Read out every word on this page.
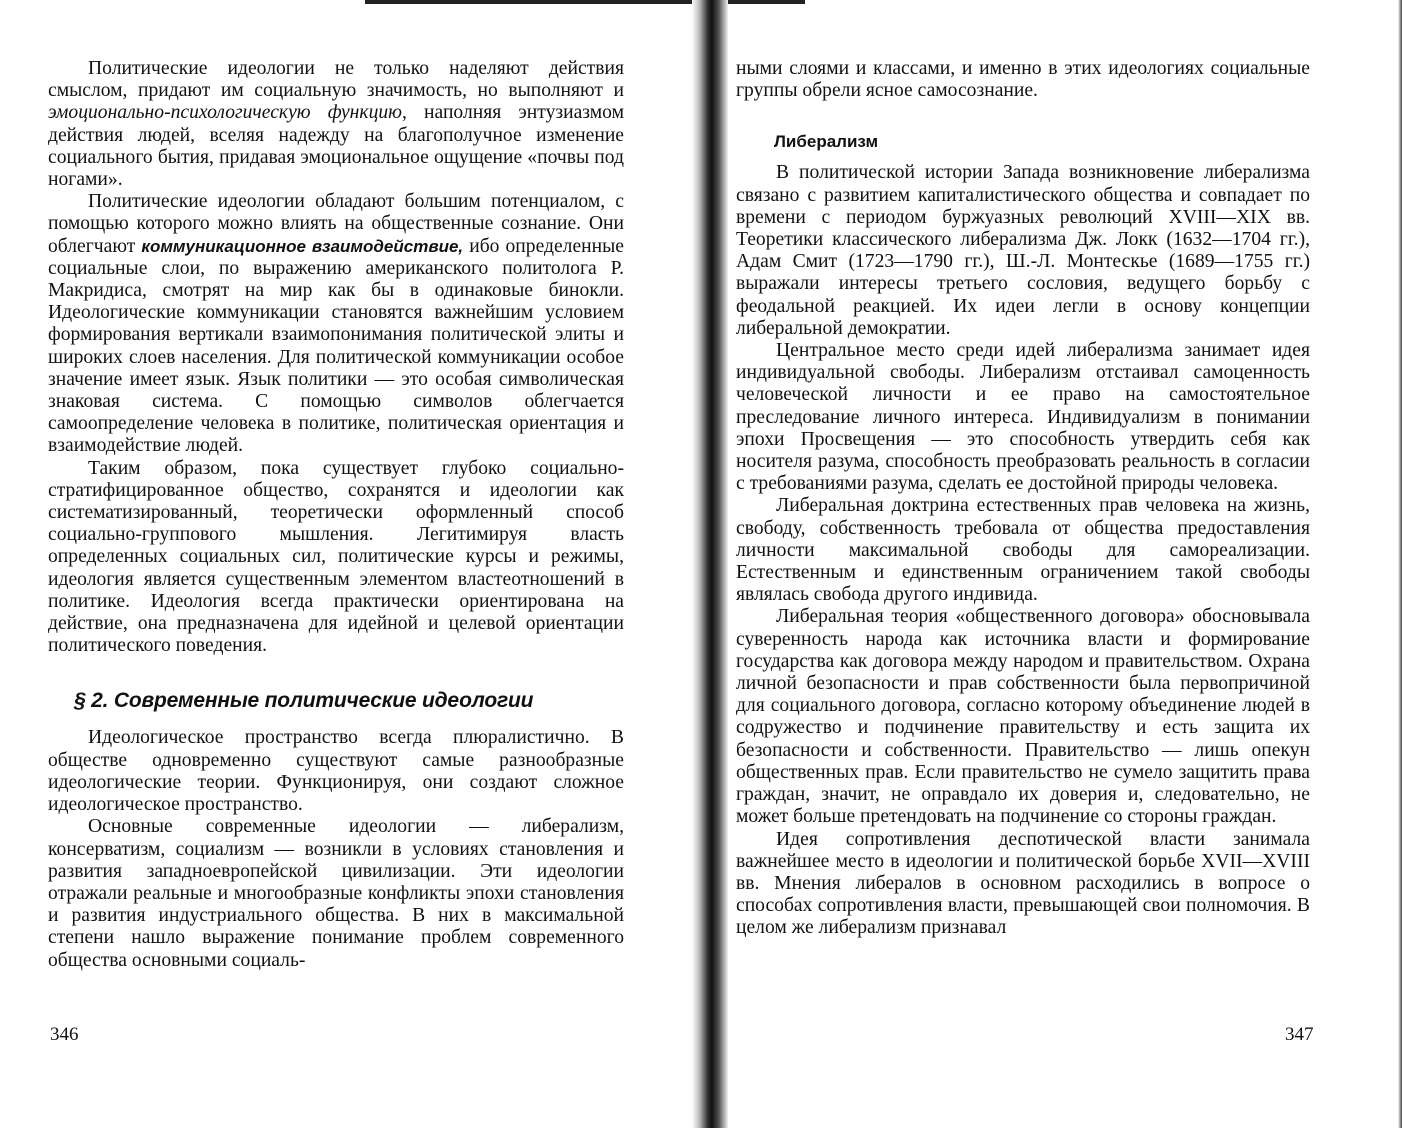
Политические идеологии не только наделяют действия смыслом, придают им социальную значимость, но выполняют и эмоционально-психологическую функцию, наполняя энтузиазмом действия людей, вселяя надежду на благополучное изменение социального бытия, придавая эмоциональное ощущение «почвы под ногами».

Политические идеологии обладают большим потенциалом, с помощью которого можно влиять на общественные сознание. Они облегчают коммуникационное взаимодействие, ибо определенные социальные слои, по выражению американского политолога Р. Макридиса, смотрят на мир как бы в одинаковые бинокли. Идеологические коммуникации становятся важнейшим условием формирования вертикали взаимопонимания политической элиты и широких слоев населения. Для политической коммуникации особое значение имеет язык. Язык политики — это особая символическая знаковая система. С помощью символов облегчается самоопределение человека в политике, политическая ориентация и взаимодействие людей.

Таким образом, пока существует глубоко социально-стратифицированное общество, сохранятся и идеологии как систематизированный, теоретически оформленный способ социально-группового мышления. Легитимируя власть определенных социальных сил, политические курсы и режимы, идеология является существенным элементом властеотношений в политике. Идеология всегда практически ориентирована на действие, она предназначена для идейной и целевой ориентации политического поведения.

§ 2. Современные политические идеологии

Идеологическое пространство всегда плюралистично. В обществе одновременно существуют самые разнообразные идеологические теории. Функционируя, они создают сложное идеологическое пространство.

Основные современные идеологии — либерализм, консерватизм, социализм — возникли в условиях становления и развития западноевропейской цивилизации. Эти идеологии отражали реальные и многообразные конфликты эпохи становления и развития индустриального общества. В них в максимальной степени нашло выражение понимание проблем современного общества основными социаль-

346

ными слоями и классами, и именно в этих идеологиях социальные группы обрели ясное самосознание.

Либерализм

В политической истории Запада возникновение либерализма связано с развитием капиталистического общества и совпадает по времени с периодом буржуазных революций XVIII—XIX вв. Теоретики классического либерализма Дж. Локк (1632—1704 гг.), Адам Смит (1723—1790 гг.), Ш.-Л. Монтескье (1689—1755 гг.) выражали интересы третьего сословия, ведущего борьбу с феодальной реакцией. Их идеи легли в основу концепции либеральной демократии.

Центральное место среди идей либерализма занимает идея индивидуальной свободы. Либерализм отстаивал самоценность человеческой личности и ее право на самостоятельное преследование личного интереса. Индивидуализм в понимании эпохи Просвещения — это способность утвердить себя как носителя разума, способность преобразовать реальность в согласии с требованиями разума, сделать ее достойной природы человека.

Либеральная доктрина естественных прав человека на жизнь, свободу, собственность требовала от общества предоставления личности максимальной свободы для самореализации. Естественным и единственным ограничением такой свободы являлась свобода другого индивида.

Либеральная теория «общественного договора» обосновывала суверенность народа как источника власти и формирование государства как договора между народом и правительством. Охрана личной безопасности и прав собственности была первопричиной для социального договора, согласно которому объединение людей в содружество и подчинение правительству и есть защита их безопасности и собственности. Правительство — лишь опекун общественных прав. Если правительство не сумело защитить права граждан, значит, не оправдало их доверия и, следовательно, не может больше претендовать на подчинение со стороны граждан.

Идея сопротивления деспотической власти занимала важнейшее место в идеологии и политической борьбе XVII—XVIII вв. Мнения либералов в основном расходились в вопросе о способах сопротивления власти, превышающей свои полномочия. В целом же либерализм признавал

347
